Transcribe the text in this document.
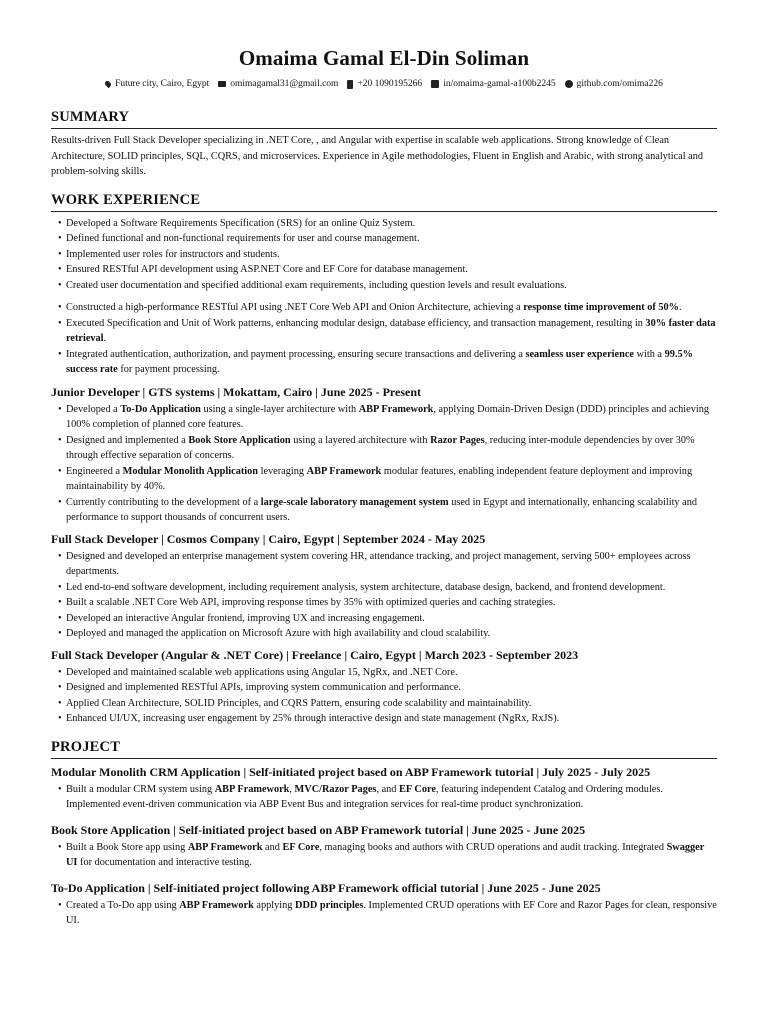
Omaima Gamal El-Din Soliman
Future city, Cairo, Egypt omimagamal31@gmail.com +20 1090195266 in/omaima-gamal-a100b2245 github.com/omima226
SUMMARY

Results-driven Full Stack Developer specializing in .NET Core, , and Angular with expertise in scalable web applications. Strong knowledge of Clean Architecture, SOLID principles, SQL, CQRS, and microservices. Experience in Agile methodologies, Fluent in English and Arabic, with strong analytical and problem-solving skills.

WORK EXPERIENCE
• Developed a Software Requirements Specification (SRS) for an online Quiz System.
• Defined functional and non-functional requirements for user and course management.
• Implemented user roles for instructors and students.
• Ensured RESTful API development using ASP.NET Core and EF Core for database management.
• Created user documentation and specified additional exam requirements, including question levels and result evaluations.
• Constructed a high-performance RESTful API using .NET Core Web API and Onion Architecture, achieving a response time improvement of 50%.
• Executed Specification and Unit of Work patterns, enhancing modular design, database efficiency, and transaction management, resulting in 30% faster data retrieval.
• Integrated authentication, authorization, and payment processing, ensuring secure transactions and delivering a seamless user experience with a 99.5% success rate for payment processing.
Junior Developer | GTS systems | Mokattam, Cairo | June 2025 - Present
• Developed a To-Do Application using a single-layer architecture with ABP Framework, applying Domain-Driven Design (DDD) principles and achieving 100% completion of planned core features.
• Designed and implemented a Book Store Application using a layered architecture with Razor Pages, reducing inter-module dependencies by over 30% through effective separation of concerns.
• Engineered a Modular Monolith Application leveraging ABP Framework modular features, enabling independent feature deployment and improving maintainability by 40%.
• Currently contributing to the development of a large-scale laboratory management system used in Egypt and internationally, enhancing scalability and performance to support thousands of concurrent users.
Full Stack Developer | Cosmos Company | Cairo, Egypt | September 2024 - May 2025
• Designed and developed an enterprise management system covering HR, attendance tracking, and project management, serving 500+ employees across departments.
• Led end-to-end software development, including requirement analysis, system architecture, database design, backend, and frontend development.
• Built a scalable .NET Core Web API, improving response times by 35% with optimized queries and caching strategies.
• Developed an interactive Angular frontend, improving UX and increasing engagement.
• Deployed and managed the application on Microsoft Azure with high availability and cloud scalability.
Full Stack Developer (Angular & .NET Core) | Freelance | Cairo, Egypt | March 2023 - September 2023
• Developed and maintained scalable web applications using Angular 15, NgRx, and .NET Core.
• Designed and implemented RESTful APIs, improving system communication and performance.
• Applied Clean Architecture, SOLID Principles, and CQRS Pattern, ensuring code scalability and maintainability.
• Enhanced UI/UX, increasing user engagement by 25% through interactive design and state management (NgRx, RxJS).
PROJECT
Modular Monolith CRM Application | Self-initiated project based on ABP Framework tutorial | July 2025 - July 2025
• Built a modular CRM system using ABP Framework, MVC/Razor Pages, and EF Core, featuring independent Catalog and Ordering modules. Implemented event-driven communication via ABP Event Bus and integration services for real-time product synchronization.
Book Store Application | Self-initiated project based on ABP Framework tutorial | June 2025 - June 2025
• Built a Book Store app using ABP Framework and EF Core, managing books and authors with CRUD operations and audit tracking. Integrated Swagger UI for documentation and interactive testing.
To-Do Application | Self-initiated project following ABP Framework official tutorial | June 2025 - June 2025
• Created a To-Do app using ABP Framework applying DDD principles. Implemented CRUD operations with EF Core and Razor Pages for clean, responsive UI.
